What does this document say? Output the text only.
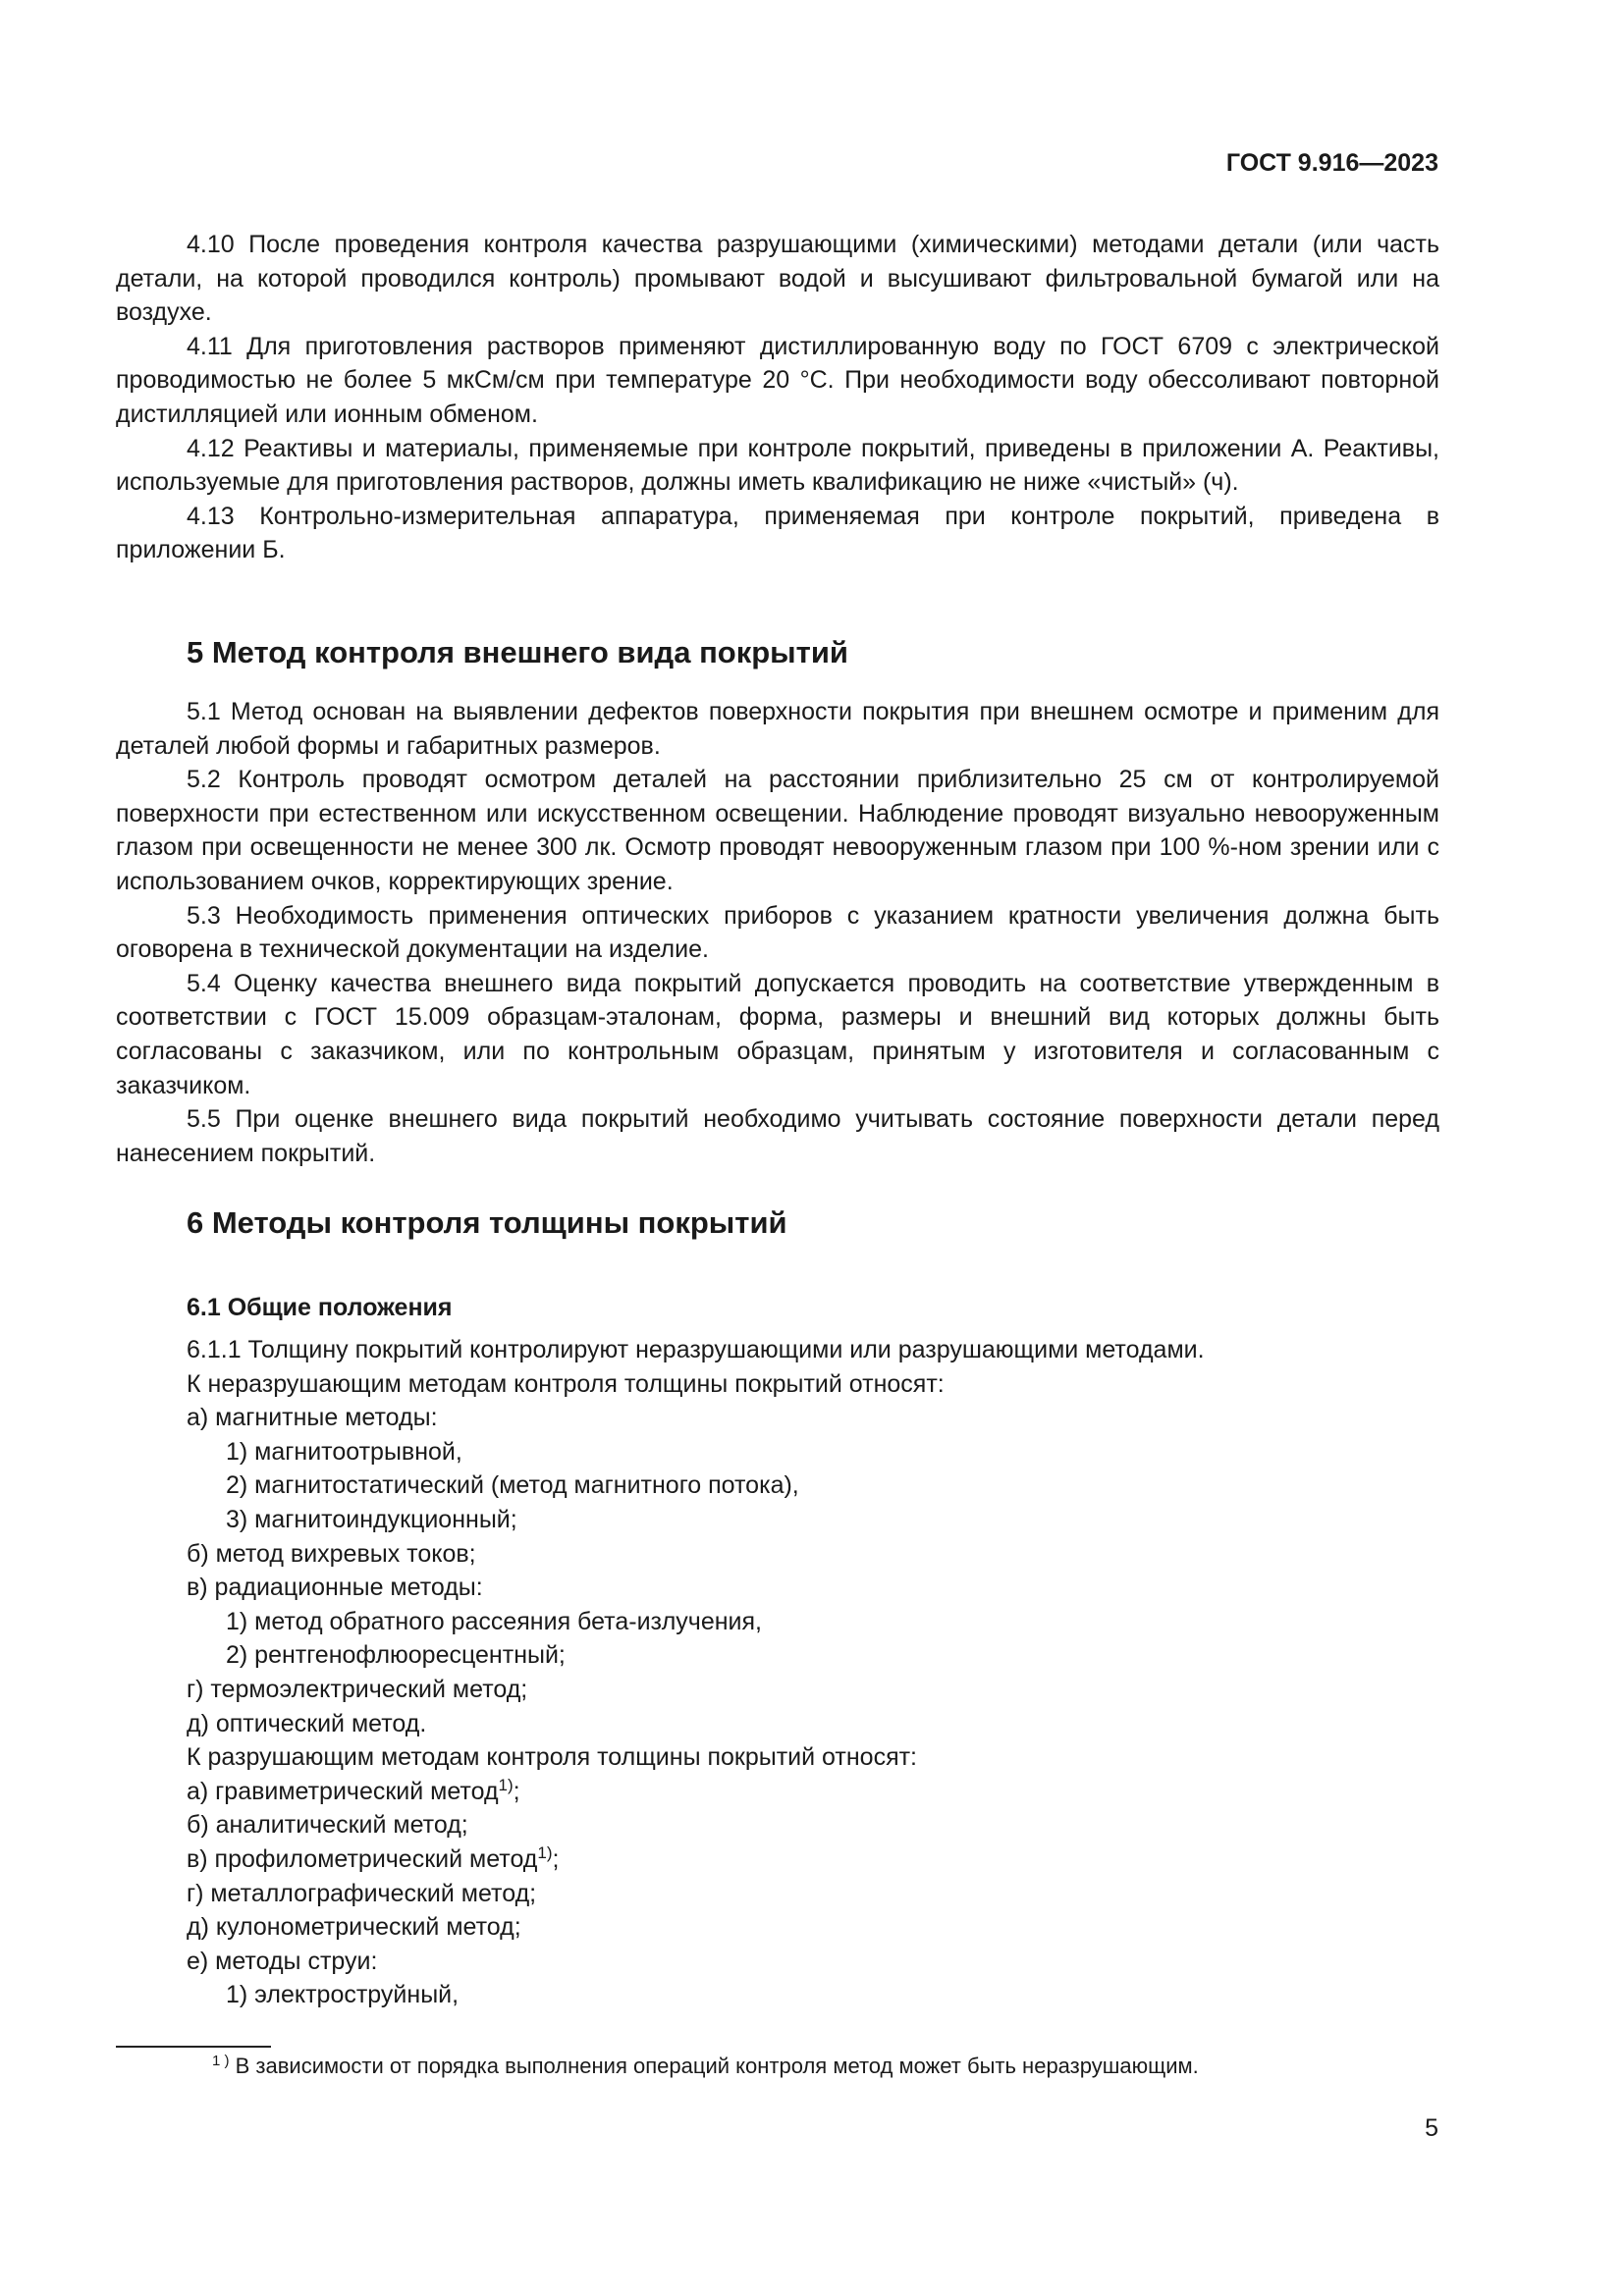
ГОСТ 9.916—2023

4.10 После проведения контроля качества разрушающими (химическими) методами детали (или часть детали, на которой проводился контроль) промывают водой и высушивают фильтровальной бумагой или на воздухе.

4.11 Для приготовления растворов применяют дистиллированную воду по ГОСТ 6709 с электрической проводимостью не более 5 мкСм/см при температуре 20 °С. При необходимости воду обессоливают повторной дистилляцией или ионным обменом.

4.12 Реактивы и материалы, применяемые при контроле покрытий, приведены в приложении А. Реактивы, используемые для приготовления растворов, должны иметь квалификацию не ниже «чистый» (ч).

4.13 Контрольно-измерительная аппаратура, применяемая при контроле покрытий, приведена в приложении Б.

5 Метод контроля внешнего вида покрытий

5.1 Метод основан на выявлении дефектов поверхности покрытия при внешнем осмотре и применим для деталей любой формы и габаритных размеров.

5.2 Контроль проводят осмотром деталей на расстоянии приблизительно 25 см от контролируемой поверхности при естественном или искусственном освещении. Наблюдение проводят визуально невооруженным глазом при освещенности не менее 300 лк. Осмотр проводят невооруженным глазом при 100 %-ном зрении или с использованием очков, корректирующих зрение.

5.3 Необходимость применения оптических приборов с указанием кратности увеличения должна быть оговорена в технической документации на изделие.

5.4 Оценку качества внешнего вида покрытий допускается проводить на соответствие утвержденным в соответствии с ГОСТ 15.009 образцам-эталонам, форма, размеры и внешний вид которых должны быть согласованы с заказчиком, или по контрольным образцам, принятым у изготовителя и согласованным с заказчиком.

5.5 При оценке внешнего вида покрытий необходимо учитывать состояние поверхности детали перед нанесением покрытий.

6 Методы контроля толщины покрытий
6.1 Общие положения

6.1.1 Толщину покрытий контролируют неразрушающими или разрушающими методами.

К неразрушающим методам контроля толщины покрытий относят:

а) магнитные методы:

1) магнитоотрывной,

2) магнитостатический (метод магнитного потока),

3) магнитоиндукционный;

б) метод вихревых токов;

в) радиационные методы:

1) метод обратного рассеяния бета-излучения,

2) рентгенофлюоресцентный;

г) термоэлектрический метод;

д) оптический метод.

К разрушающим методам контроля толщины покрытий относят:

а) гравиметрический метод$^{1)}$;

б) аналитический метод;

в) профилометрический метод$^{1)}$;

г) металлографический метод;

д) кулонометрический метод;

е) методы струи:

1) электроструйный,

$^{1 )}$ В зависимости от порядка выполнения операций контроля метод может быть неразрушающим.
5
